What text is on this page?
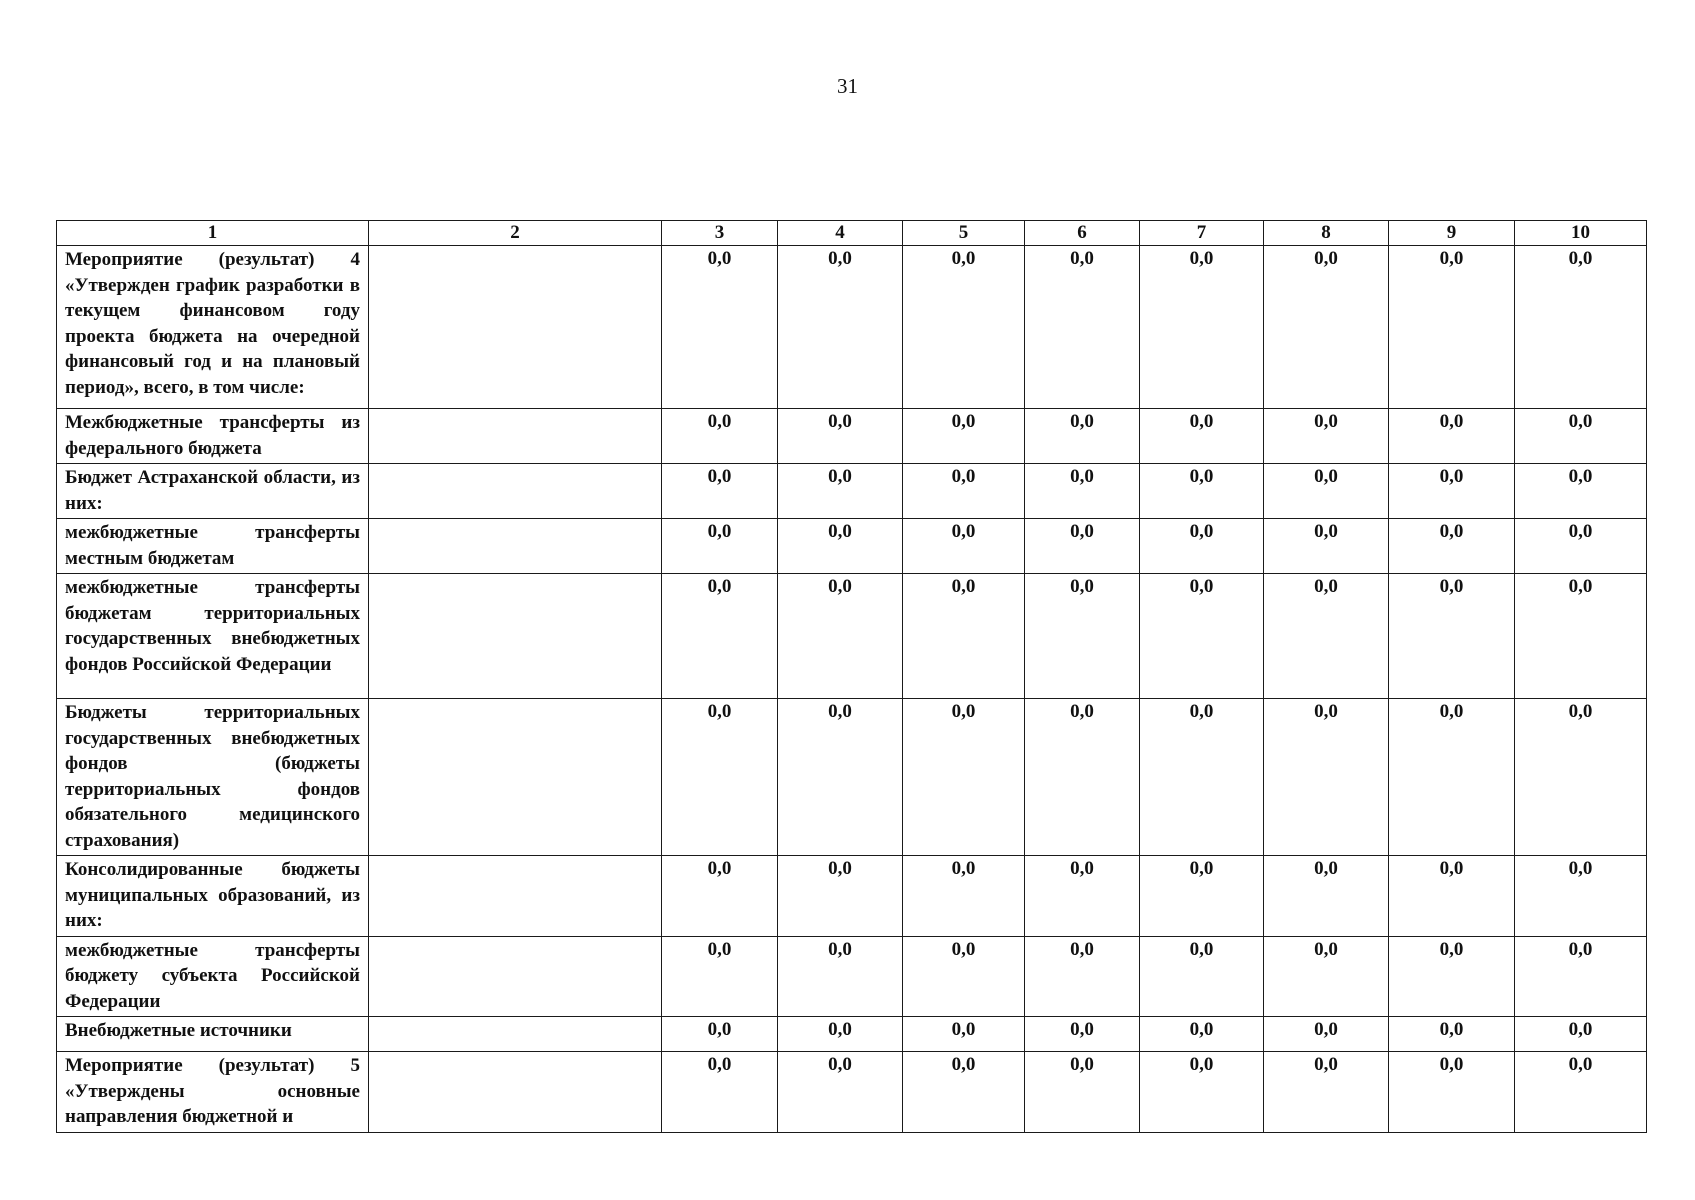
31
1	2	3	4	5	6	7	8	9	10
Мероприятие (результат) 4 «Утвержден график разработки в текущем финансовом году проекта бюджета на очередной финансовый год и на плановый период», всего, в том числе:		0,0	0,0	0,0	0,0	0,0	0,0	0,0	0,0
Межбюджетные трансферты из федерального бюджета		0,0	0,0	0,0	0,0	0,0	0,0	0,0	0,0
Бюджет Астраханской области, из них:		0,0	0,0	0,0	0,0	0,0	0,0	0,0	0,0
межбюджетные трансферты местным бюджетам		0,0	0,0	0,0	0,0	0,0	0,0	0,0	0,0
межбюджетные трансферты бюджетам территориальных государственных внебюджетных фондов Российской Федерации		0,0	0,0	0,0	0,0	0,0	0,0	0,0	0,0
Бюджеты территориальных государственных внебюджетных фондов (бюджеты территориальных фондов обязательного медицинского страхования)		0,0	0,0	0,0	0,0	0,0	0,0	0,0	0,0
Консолидированные бюджеты муниципальных образований, из них:		0,0	0,0	0,0	0,0	0,0	0,0	0,0	0,0
межбюджетные трансферты бюджету субъекта Российской Федерации		0,0	0,0	0,0	0,0	0,0	0,0	0,0	0,0
Внебюджетные источники		0,0	0,0	0,0	0,0	0,0	0,0	0,0	0,0
Мероприятие (результат) 5 «Утверждены основные направления бюджетной и		0,0	0,0	0,0	0,0	0,0	0,0	0,0	0,0
